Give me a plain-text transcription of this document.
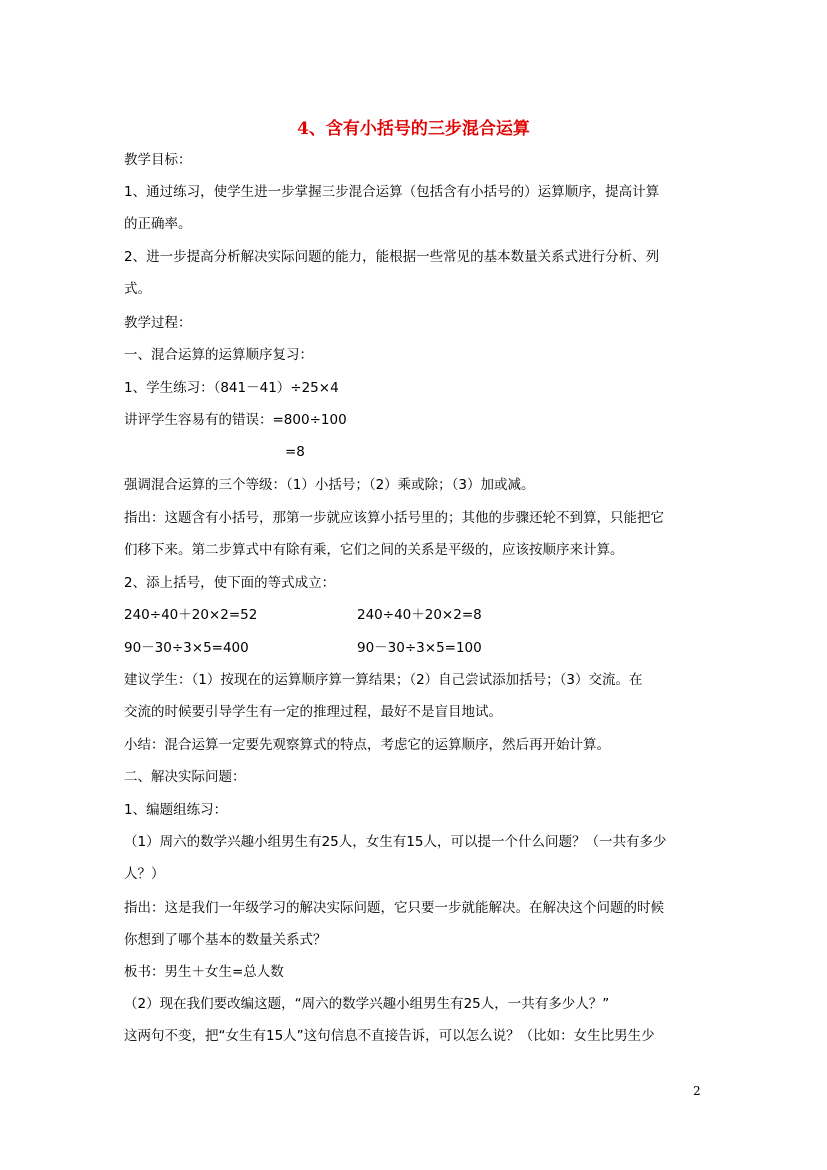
4、含有小括号的三步混合运算
教学目标：
1、通过练习，使学生进一步掌握三步混合运算（包括含有小括号的）运算顺序，提高计算
的正确率。
2、进一步提高分析解决实际问题的能力，能根据一些常见的基本数量关系式进行分析、列
式。
教学过程：
一、混合运算的运算顺序复习：
1、学生练习：（841－41）÷25×4
讲评学生容易有的错误：=800÷100
=8
强调混合运算的三个等级：（1）小括号；（2）乘或除；（3）加或减。
指出：这题含有小括号，那第一步就应该算小括号里的；其他的步骤还轮不到算，只能把它
们移下来。第二步算式中有除有乘，它们之间的关系是平级的，应该按顺序来计算。
2、添上括号，使下面的等式成立：
240÷40＋20×2=52	240÷40＋20×2=8
90－30÷3×5=400	90－30÷3×5=100
建议学生：（1）按现在的运算顺序算一算结果；（2）自己尝试添加括号；（3）交流。在
交流的时候要引导学生有一定的推理过程，最好不是盲目地试。
小结：混合运算一定要先观察算式的特点，考虑它的运算顺序，然后再开始计算。
二、解决实际问题：
1、编题组练习：
（1）周六的数学兴趣小组男生有25人，女生有15人，可以提一个什么问题？（一共有多少
人？）
指出：这是我们一年级学习的解决实际问题，它只要一步就能解决。在解决这个问题的时候
你想到了哪个基本的数量关系式？
板书：男生＋女生=总人数
（2）现在我们要改编这题，“周六的数学兴趣小组男生有25人，一共有多少人？”
这两句不变，把“女生有15人”这句信息不直接告诉，可以怎么说？（比如：女生比男生少
2
